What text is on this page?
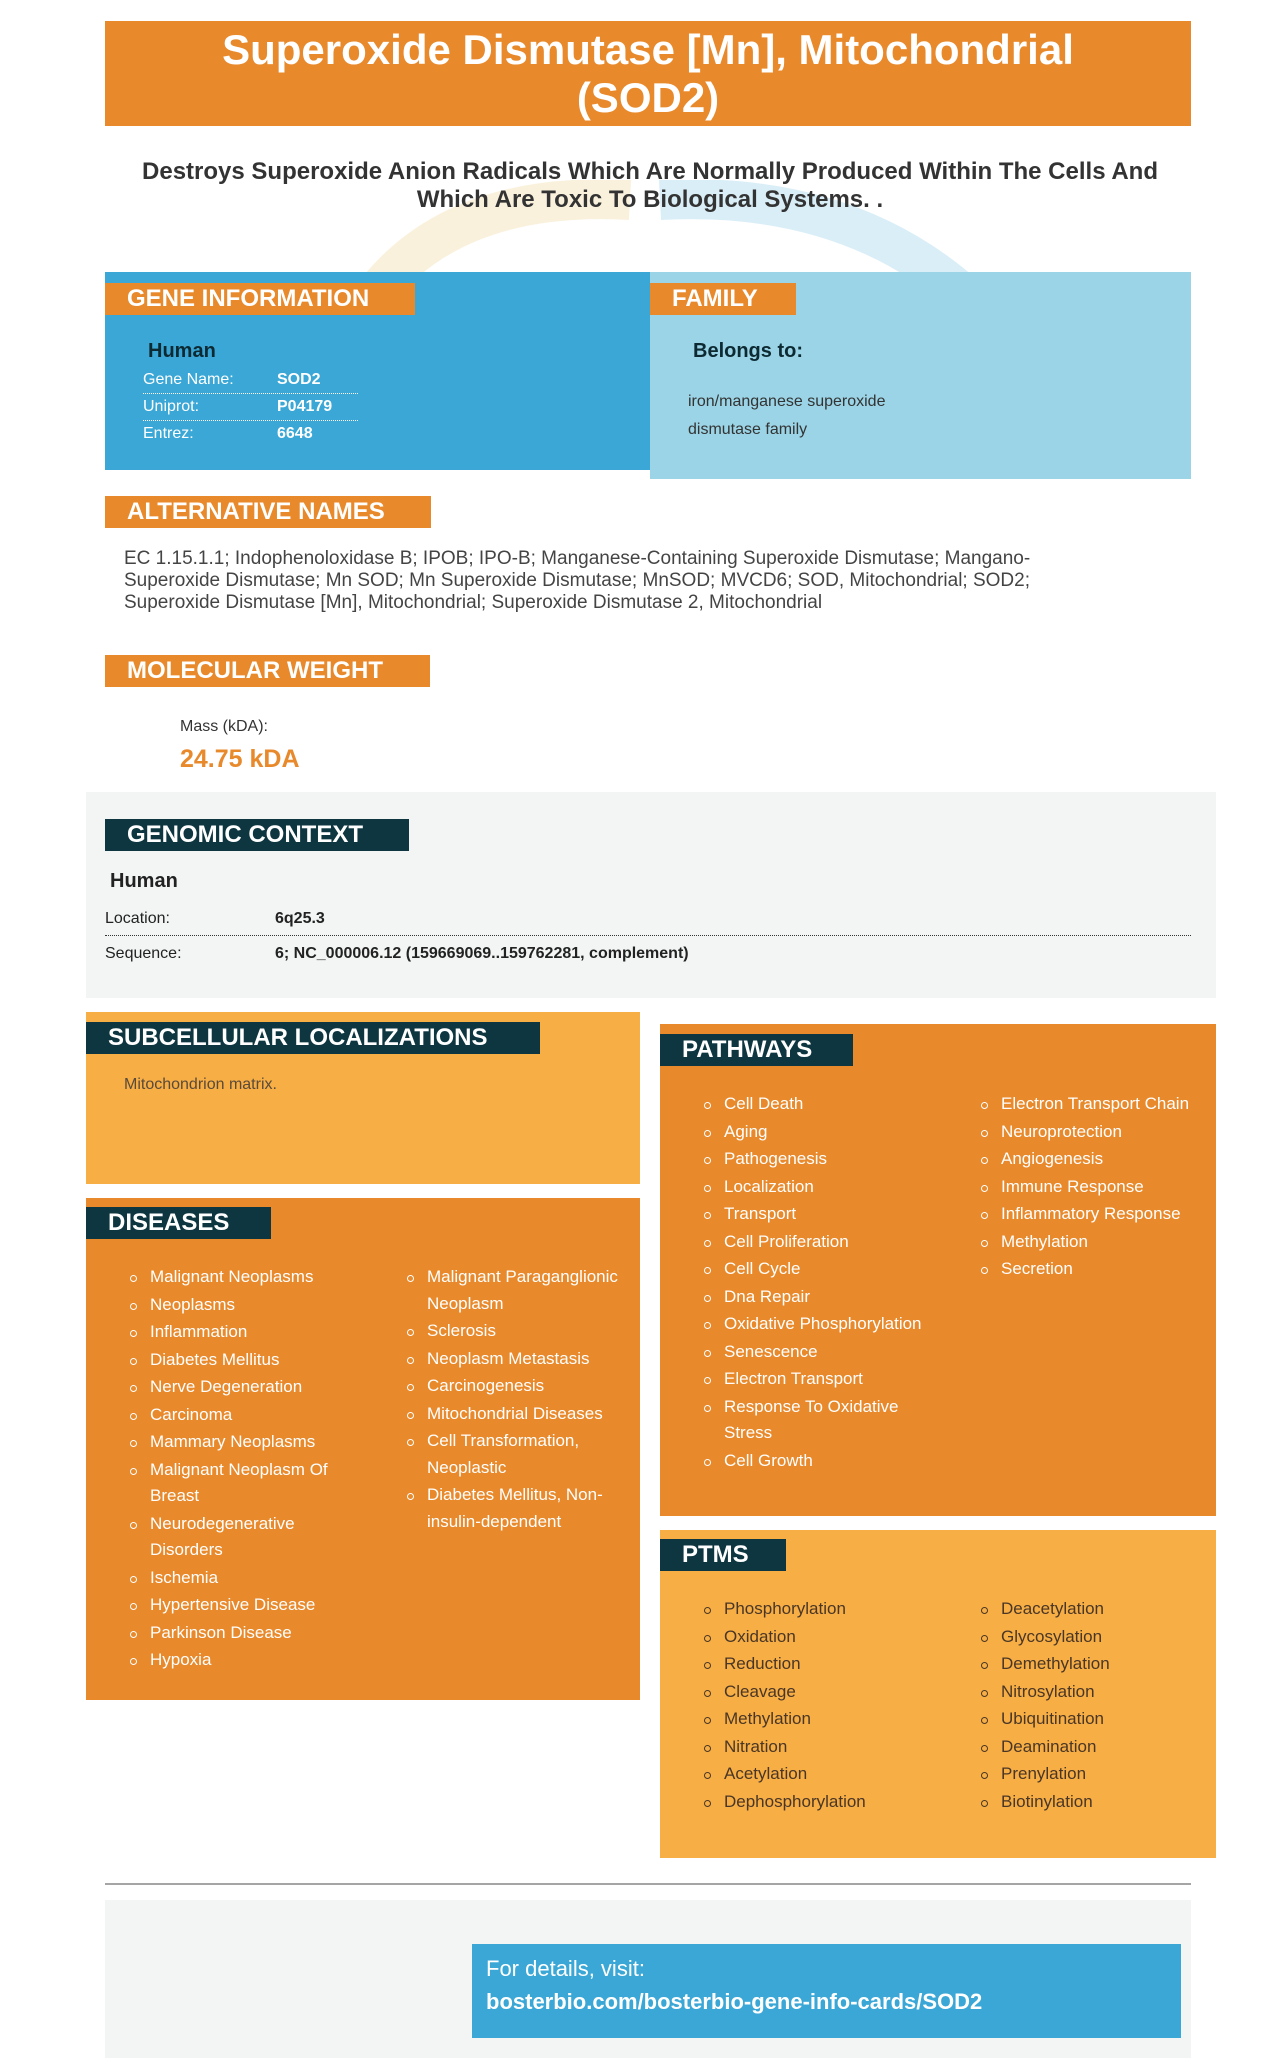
Superoxide Dismutase [Mn], Mitochondrial (SOD2)
Destroys Superoxide Anion Radicals Which Are Normally Produced Within The Cells And Which Are Toxic To Biological Systems. .
GENE INFORMATION
Human
Gene Name:	SOD2
Uniprot:	P04179
Entrez:	6648
FAMILY
Belongs to:
iron/manganese superoxide dismutase family
ALTERNATIVE NAMES
EC 1.15.1.1; Indophenoloxidase B; IPOB; IPO-B; Manganese-Containing Superoxide Dismutase; Mangano-Superoxide Dismutase; Mn SOD; Mn Superoxide Dismutase; MnSOD; MVCD6; SOD, Mitochondrial; SOD2; Superoxide Dismutase [Mn], Mitochondrial; Superoxide Dismutase 2, Mitochondrial
MOLECULAR WEIGHT
Mass (kDA):
24.75 kDA
GENOMIC CONTEXT
Human
Location:	6q25.3
Sequence:	6; NC_000006.12 (159669069..159762281, complement)
SUBCELLULAR LOCALIZATIONS
Mitochondrion matrix.
DISEASES
Malignant Neoplasms
Neoplasms
Inflammation
Diabetes Mellitus
Nerve Degeneration
Carcinoma
Mammary Neoplasms
Malignant Neoplasm Of Breast
Neurodegenerative Disorders
Ischemia
Hypertensive Disease
Parkinson Disease
Hypoxia
Malignant Paraganglionic Neoplasm
Sclerosis
Neoplasm Metastasis
Carcinogenesis
Mitochondrial Diseases
Cell Transformation, Neoplastic
Diabetes Mellitus, Non-insulin-dependent
PATHWAYS
Cell Death
Aging
Pathogenesis
Localization
Transport
Cell Proliferation
Cell Cycle
Dna Repair
Oxidative Phosphorylation
Senescence
Electron Transport
Response To Oxidative Stress
Cell Growth
Electron Transport Chain
Neuroprotection
Angiogenesis
Immune Response
Inflammatory Response
Methylation
Secretion
PTMS
Phosphorylation
Oxidation
Reduction
Cleavage
Methylation
Nitration
Acetylation
Dephosphorylation
Deacetylation
Glycosylation
Demethylation
Nitrosylation
Ubiquitination
Deamination
Prenylation
Biotinylation
For details, visit:
bosterbio.com/bosterbio-gene-info-cards/SOD2
